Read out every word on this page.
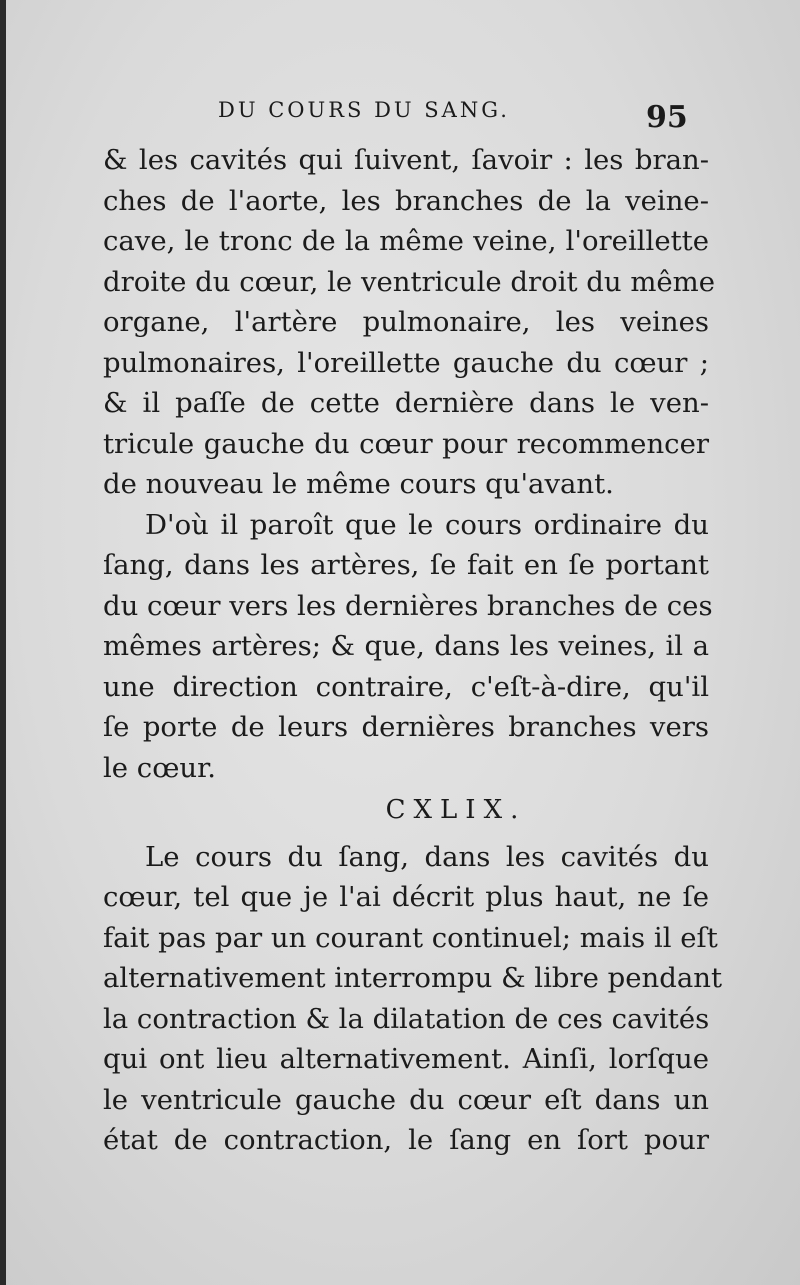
DU COURS DU SANG.	95
& les cavités qui ſuivent, ſavoir : les bran-
ches de l'aorte, les branches de la veine-
cave, le tronc de la même veine, l'oreillette
droite du cœur, le ventricule droit du même
organe, l'artère pulmonaire, les veines
pulmonaires, l'oreillette gauche du cœur ;
& il paſſe de cette dernière dans le ven-
tricule gauche du cœur pour recommencer
de nouveau le même cours qu'avant.
D'où il paroît que le cours ordinaire du
ſang, dans les artères, ſe fait en ſe portant
du cœur vers les dernières branches de ces
mêmes artères; & que, dans les veines, il a
une direction contraire, c'eſt-à-dire, qu'il
ſe porte de leurs dernières branches vers
le cœur.
CXLIX.
Le cours du ſang, dans les cavités du
cœur, tel que je l'ai décrit plus haut, ne ſe
fait pas par un courant continuel; mais il eſt
alternativement interrompu & libre pendant
la contraction & la dilatation de ces cavités
qui ont lieu alternativement. Ainſi, lorſque
le ventricule gauche du cœur eſt dans un
état de contraction, le ſang en ſort pour
